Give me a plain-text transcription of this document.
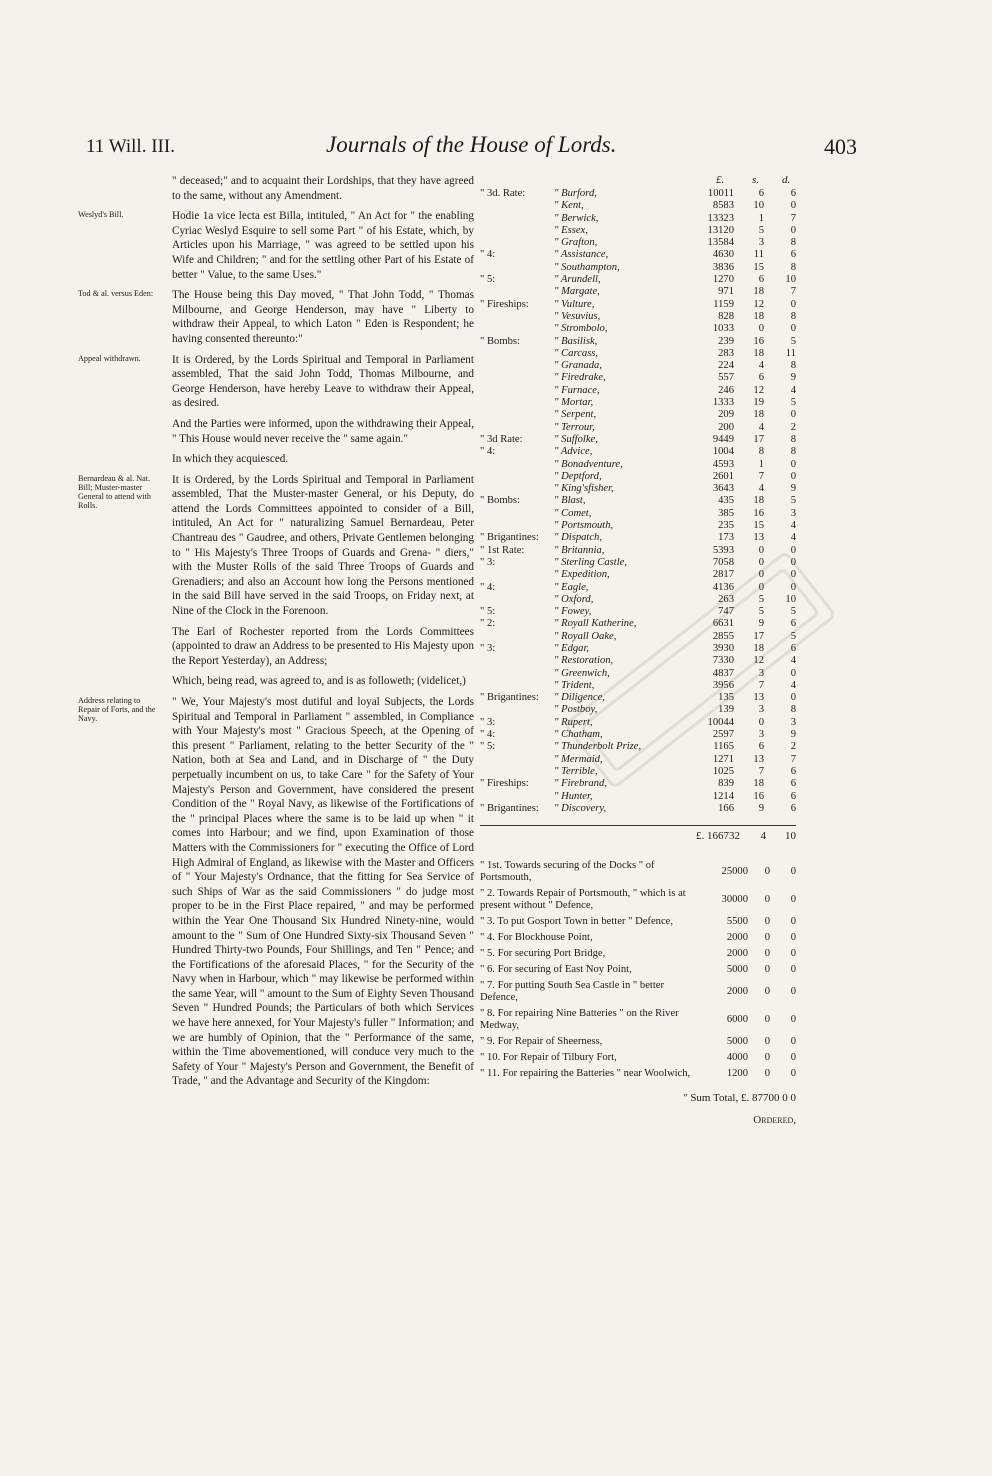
11 Will. III.	Journals of the House of Lords.	403
" deceased;" and to acquaint their Lordships, that they have agreed to the same, without any Amendment.
Weslyd's Bill.	Hodie 1a vice lecta est Billa, intituled, " An Act for " the enabling Cyriac Weslyd Esquire to sell some Part " of his Estate, which, by Articles upon his Marriage, " was agreed to be settled upon his Wife and Children; " and for the settling other Part of his Estate of better " Value, to the same Uses."
Tod & al. versus Eden:	The House being this Day moved, " That John Todd, " Thomas Milbourne, and George Henderson, may have " Liberty to withdraw their Appeal, to which Laton " Eden is Respondent; he having consented thereunto:"
Appeal withdrawn.	It is Ordered, by the Lords Spiritual and Temporal in Parliament assembled, That the said John Todd, Thomas Milbourne, and George Henderson, have hereby Leave to withdraw their Appeal, as desired.
And the Parties were informed, upon the withdrawing their Appeal, " This House would never receive the " same again."
In which they acquiesced.
Bernardeau & al. Nat. Bill; Muster-master General to attend with Rolls.
It is Ordered, by the Lords Spiritual and Temporal in Parliament assembled, That the Muster-master General, or his Deputy, do attend the Lords Committees appointed to consider of a Bill, intituled, An Act for " naturalizing Samuel Bernardeau, Peter Chantreau des " Gaudree, and others, Private Gentlemen belonging to " His Majesty's Three Troops of Guards and Grena- " diers," with the Muster Rolls of the said Three Troops of Guards and Grenadiers; and also an Account how long the Persons mentioned in the said Bill have served in the said Troops, on Friday next, at Nine of the Clock in the Forenoon.
The Earl of Rochester reported from the Lords Committees (appointed to draw an Address to be presented to His Majesty upon the Report Yesterday), an Address;
Which, being read, was agreed to, and is as followeth; (videlicet,)
Address relating to Repair of Forts, and the Navy.
" We, Your Majesty's most dutiful and loyal Subjects, the Lords Spiritual and Temporal in Parliament " assembled, in Compliance with Your Majesty's most " Gracious Speech, at the Opening of this present " Parliament, relating to the better Security of the " Nation, both at Sea and Land, and in Discharge of " the Duty perpetually incumbent on us, to take Care " for the Safety of Your Majesty's Person and Government, have considered the present Condition of the " Royal Navy, as likewise of the Fortifications of the " principal Places where the same is to be laid up when " it comes into Harbour; and we find, upon Examination of those Matters with the Commissioners for " executing the Office of Lord High Admiral of England, as likewise with the Master and Officers of " Your Majesty's Ordnance, that the fitting for Sea Service of such Ships of War as the said Commissioners " do judge most proper to be in the First Place repaired, " and may be performed within the Year One Thousand Six Hundred Ninety-nine, would amount to the " Sum of One Hundred Sixty-six Thousand Seven " Hundred Thirty-two Pounds, Four Shillings, and Ten " Pence; and the Fortifications of the aforesaid Places, " for the Security of the Navy when in Harbour, which " may likewise be performed within the same Year, will " amount to the Sum of Eighty Seven Thousand Seven " Hundred Pounds; the Particulars of both which Services we have here annexed, for Your Majesty's fuller " Information; and we are humbly of Opinion, that the " Performance of the same, within the Time abovementioned, will conduce very much to the Safety of Your " Majesty's Person and Government, the Benefit of Trade, " and the Advantage and Security of the Kingdom:
£.	s. d.
" 3d. Rate:	" Burford,	10011	6	6
	" Kent,	8583	10	0
	" Berwick,	13323	1	7
	" Essex,	13120	5	0
	" Grafton,	13584	3	8
" 4:	" Assistance,	4630	11	6
	" Southampton,	3836	15	8
" 5:	" Arundell,	1270	6	10
	" Margate,	971	18	7
" Fireships:	" Vulture,	1159	12	0
	" Vesuvius,	828	18	8
	" Strombolo,	1033	0	0
" Bombs:	" Basilisk,	239	16	5
	" Carcass,	283	18	11
	" Granada,	224	4	8
	" Firedrake,	557	6	9
	" Furnace,	246	12	4
	" Mortar,	1333	19	5
	" Serpent,	209	18	0
	" Terrour,	200	4	2
" 3d Rate:	" Suffolke,	9449	17	8
" 4:	" Advice,	1004	8	8
	" Bonadventure,	4593	1	0
	" Deptford,	2601	7	0
	" King'sfisher,	3643	4	9
" Bombs:	" Blast,	435	18	5
	" Comet,	385	16	3
	" Portsmouth,	235	15	4
" Brigantines:	" Dispatch,	173	13	4
" 1st Rate:	" Britannia,	5393	0	0
" 3:	" Sterling Castle,	7058	0	0
	" Expedition,	2817	0	0
" 4:	" Eagle,	4136	0	0
	" Oxford,	263	5	10
" 5:	" Fowey,	747	5	5
" 2:	" Royall Katherine,	6631	9	6
	" Royall Oake,	2855	17	5
" 3:	" Edgar,	3930	18	6
	" Restoration,	7330	12	4
	" Greenwich,	4837	3	0
	" Trident,	3956	7	4
" Brigantines:	" Diligence,	135	13	0
	" Postboy,	139	3	8
" 3:	" Rupert,	10044	0	3
" 4:	" Chatham,	2597	3	9
" 5:	" Thunderbolt Prize,	1165	6	2
	" Mermaid,	1271	13	7
	" Terrible,	1025	7	6
" Fireships:	" Firebrand,	839	18	6
	" Hunter,	1214	16	6
" Brigantines:	" Discovery,	166	9	6
£. 166732	4	10
" 1st. Towards securing of the Docks " of Portsmouth,	25000	0	0
" 2. Towards Repair of Portsmouth, " which is at present without " Defence,	30000	0	0
" 3. To put Gosport Town in better " Defence,	5500	0	0
" 4. For Blockhouse Point,	2000	0	0
" 5. For securing Port Bridge,	2000	0	0
" 6. For securing of East Noy Point,	5000	0	0
" 7. For putting South Sea Castle in " better Defence,	2000	0	0
" 8. For repairing Nine Batteries " on the River Medway,	6000	0	0
" 9. For Repair of Sheerness,	5000	0	0
" 10. For Repair of Tilbury Fort,	4000	0	0
" 11. For repairing the Batteries " near Woolwich,	1200	0	0
" Sum Total, £. 87700 0 0
Ordered,
